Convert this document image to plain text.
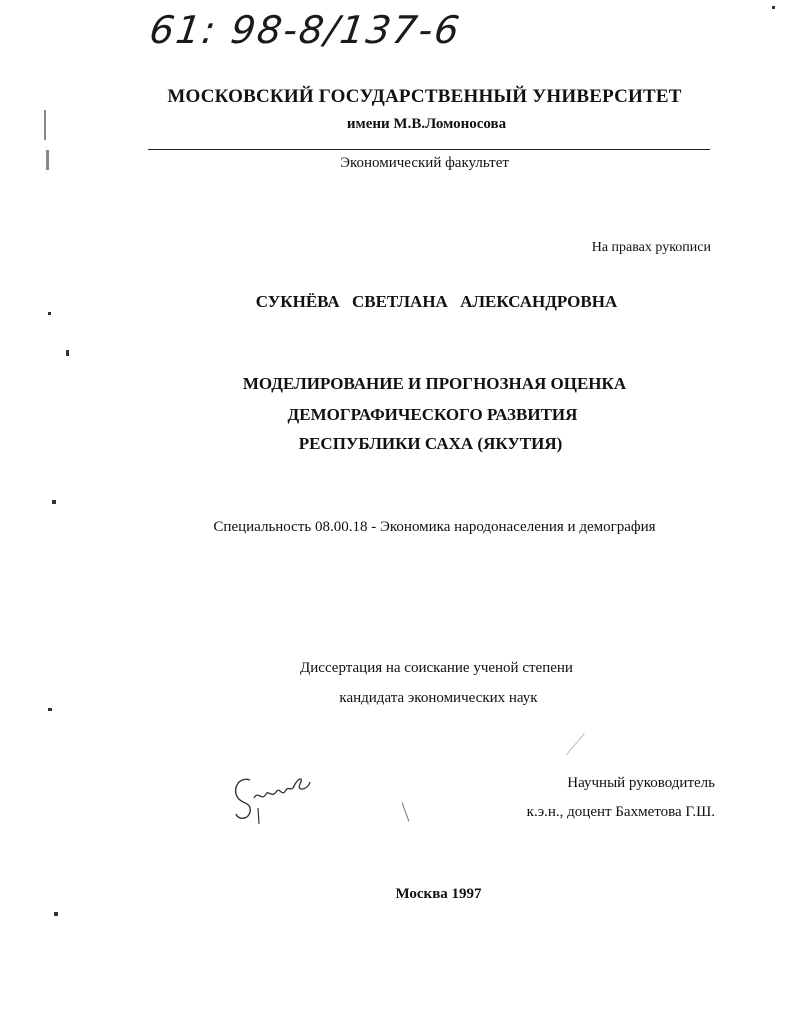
61: 98-8/137-6
МОСКОВСКИЙ ГОСУДАРСТВЕННЫЙ УНИВЕРСИТЕТ
имени М.В.Ломоносова
Экономический факультет
На правах рукописи
СУКНЁВА СВЕТЛАНА АЛЕКСАНДРОВНА
МОДЕЛИРОВАНИЕ И ПРОГНОЗНАЯ ОЦЕНКА
ДЕМОГРАФИЧЕСКОГО РАЗВИТИЯ
РЕСПУБЛИКИ САХА (ЯКУТИЯ)
Специальность 08.00.18 - Экономика народонаселения и демография
Диссертация на соискание ученой степени
кандидата экономических наук
Научный руководитель
к.э.н., доцент Бахметова Г.Ш.
Москва 1997
